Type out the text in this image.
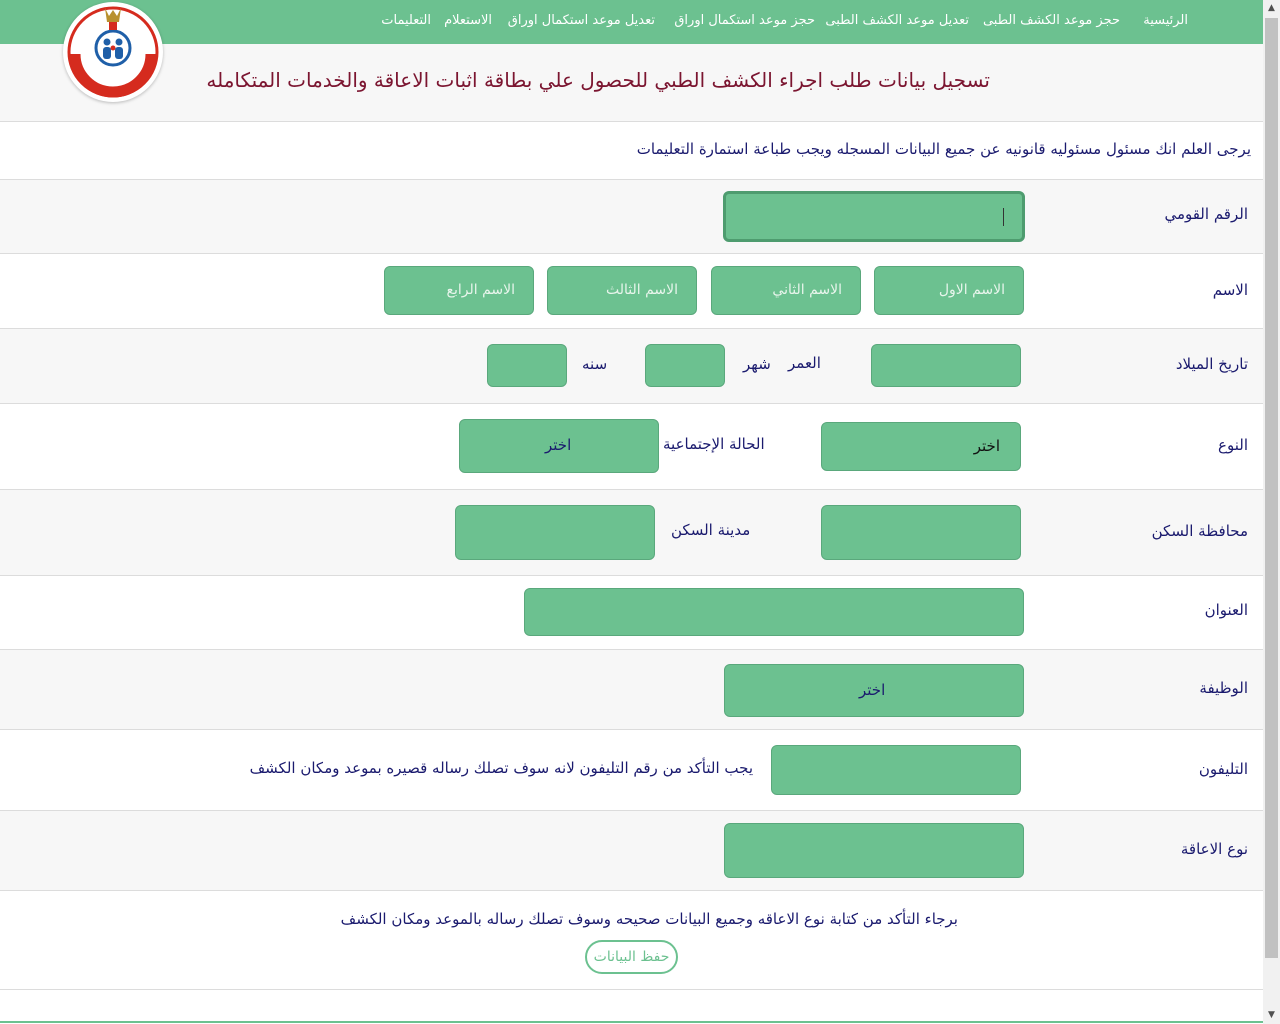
الرئيسية
حجز موعد الكشف الطبى
تعديل موعد الكشف الطبى
حجز موعد استكمال اوراق
تعديل موعد استكمال اوراق
الاستعلام
التعليمات
تسجيل بيانات طلب اجراء الكشف الطبي للحصول علي بطاقة اثبات الاعاقة والخدمات المتكامله
يرجى العلم انك مسئول مسئوليه قانونيه عن جميع البيانات المسجله ويجب طباعة استمارة التعليمات
الرقم القومي
الاسم
الاسم الاول
الاسم الثاني
الاسم الثالث
الاسم الرابع
تاريخ الميلاد
العمر
شهر
سنه
النوع
اختر
الحالة الإجتماعية
اختر
محافظة السكن
مدينة السكن
العنوان
الوظيفة
اختر
التليفون
يجب التأكد من رقم التليفون لانه سوف تصلك رساله قصيره بموعد ومكان الكشف
نوع الاعاقة
برجاء التأكد من كتابة نوع الاعاقه وجميع البيانات صحيحه وسوف تصلك رساله بالموعد ومكان الكشف
حفظ البيانات
▲
▼
